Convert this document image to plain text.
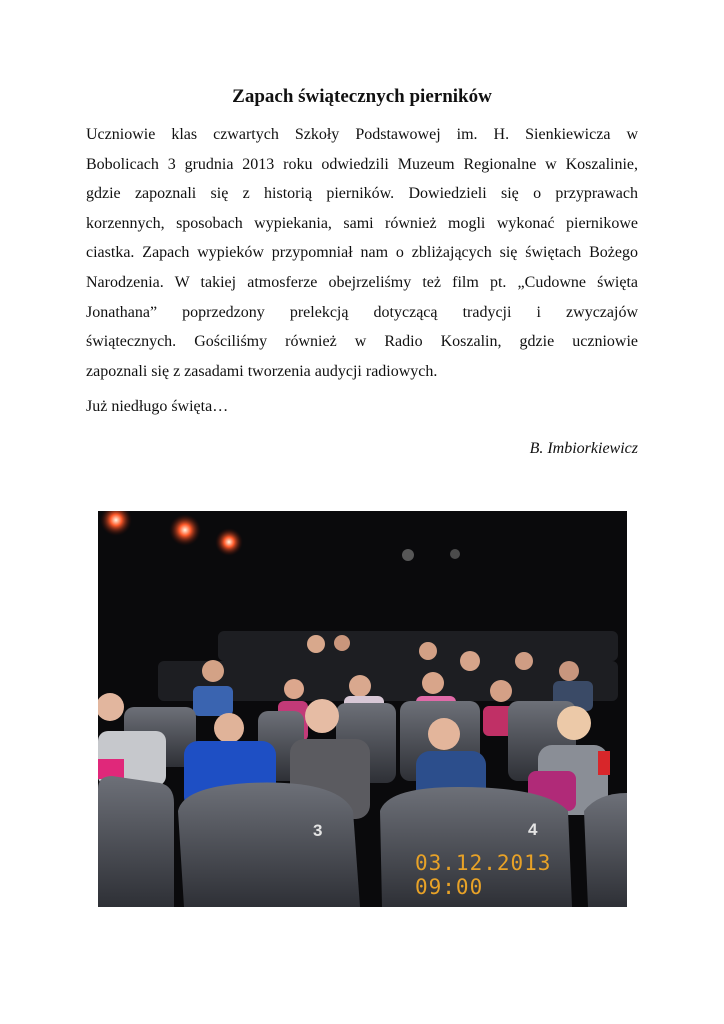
Zapach świątecznych pierników

Uczniowie klas czwartych Szkoły Podstawowej im. H. Sienkiewicza w
Bobolicach 3 grudnia 2013 roku odwiedzili Muzeum Regionalne w Koszalinie,
gdzie zapoznali się z historią pierników. Dowiedzieli się o przyprawach
korzennych, sposobach wypiekania, sami również mogli wykonać piernikowe
ciastka. Zapach wypieków przypomniał nam o zbliżających się świętach Bożego
Narodzenia. W takiej atmosferze obejrzeliśmy też film pt. „Cudowne święta
Jonathana” poprzedzony prelekcją dotyczącą tradycji i zwyczajów
świątecznych. Gościliśmy również w Radio Koszalin, gdzie uczniowie
zapoznali się z zasadami tworzenia audycji radiowych.

Już niedługo święta…
B. Imbiorkiewicz
3	4
03.12.2013 09:00
